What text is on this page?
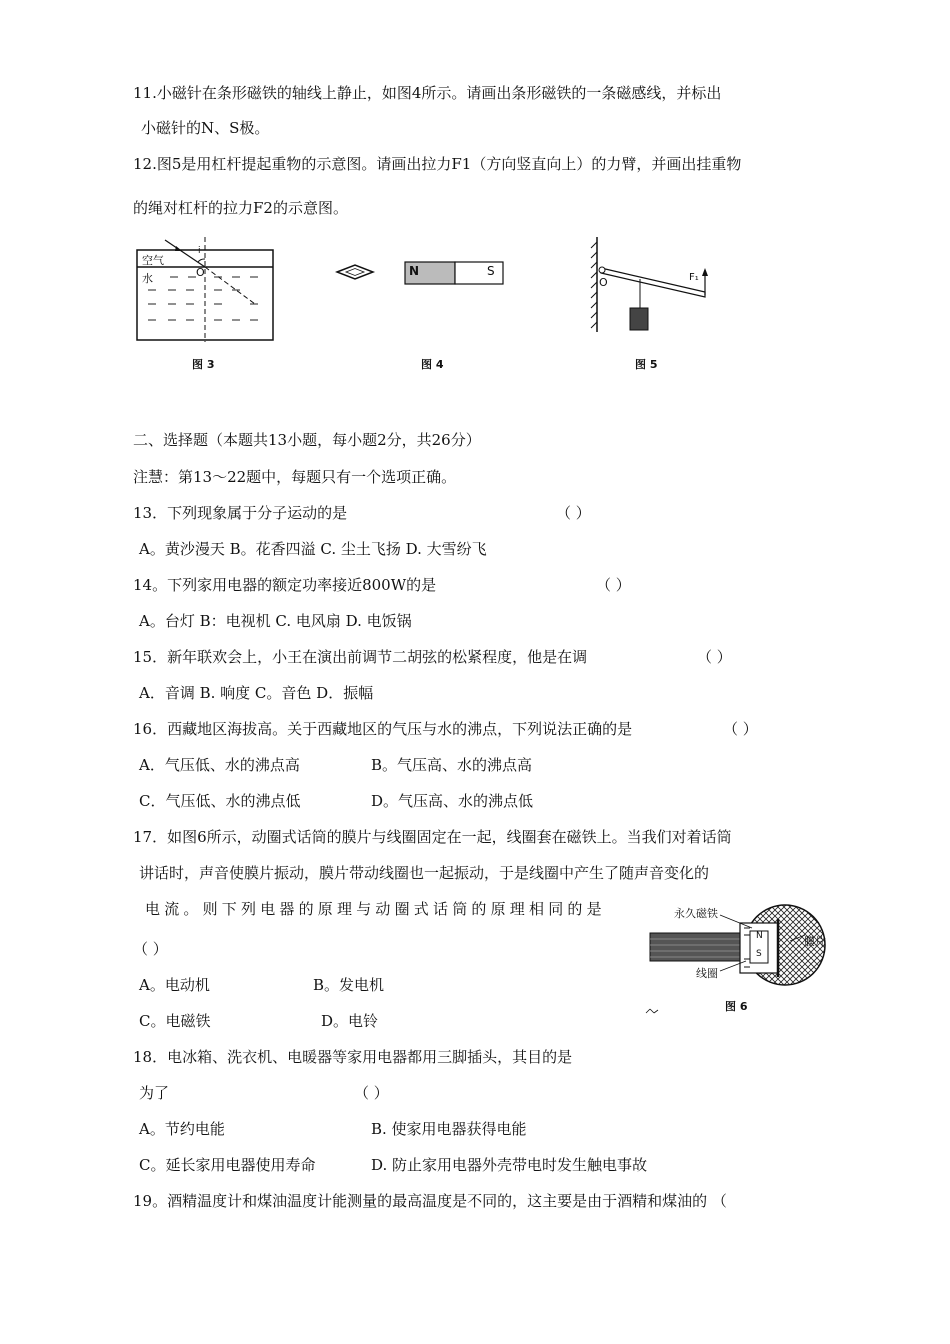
11.小磁针在条形磁铁的轴线上静止，如图4所示。请画出条形磁铁的一条磁感线，并标出
小磁针的N、S极。
12.图5是用杠杆提起重物的示意图。请画出拉力F1（方向竖直向上）的力臂，并画出挂重物
的绳对杠杆的拉力F2的示意图。
空气
水	O
i
图 3
N	S
图 4
O	F₁
图 5
二、选择题（本题共13小题，每小题2分，共26分）
注慧：第13～22题中，每题只有一个选项正确。
13．下列现象属于分子运动的是	（ ）
A。黄沙漫天 B。花香四溢 C. 尘土飞扬 D. 大雪纷飞
14。下列家用电器的额定功率接近800W的是	（ ）
A。台灯 B：电视机 C. 电风扇 D. 电饭锅
15．新年联欢会上，小王在演出前调节二胡弦的松紧程度，他是在调	（ ）
A．音调 B. 响度 C。音色 D．振幅
16．西藏地区海拔高。关于西藏地区的气压与水的沸点，下列说法正确的是	（ ）
A．气压低、水的沸点高	B。气压高、水的沸点高
C．气压低、水的沸点低	D。气压高、水的沸点低
17．如图6所示，动圈式话筒的膜片与线圈固定在一起，线圈套在磁铁上。当我们对着话筒
讲话时，声音使膜片振动，膜片带动线圈也一起振动，于是线圈中产生了随声音变化的
电流。则下列电器的原理与动圈式话筒的原理相同的是
（ ）
A。电动机	B。发电机
C。电磁铁	D。电铃
永久磁铁
膜片
线圈
N
S
图 6
18．电冰箱、洗衣机、电暖器等家用电器都用三脚插头，其目的是
为了	（ ）
A。节约电能	B. 使家用电器获得电能
C。延长家用电器使用寿命	D. 防止家用电器外壳带电时发生触电事故
19。酒精温度计和煤油温度计能测量的最高温度是不同的，这主要是由于酒精和煤油的 （
